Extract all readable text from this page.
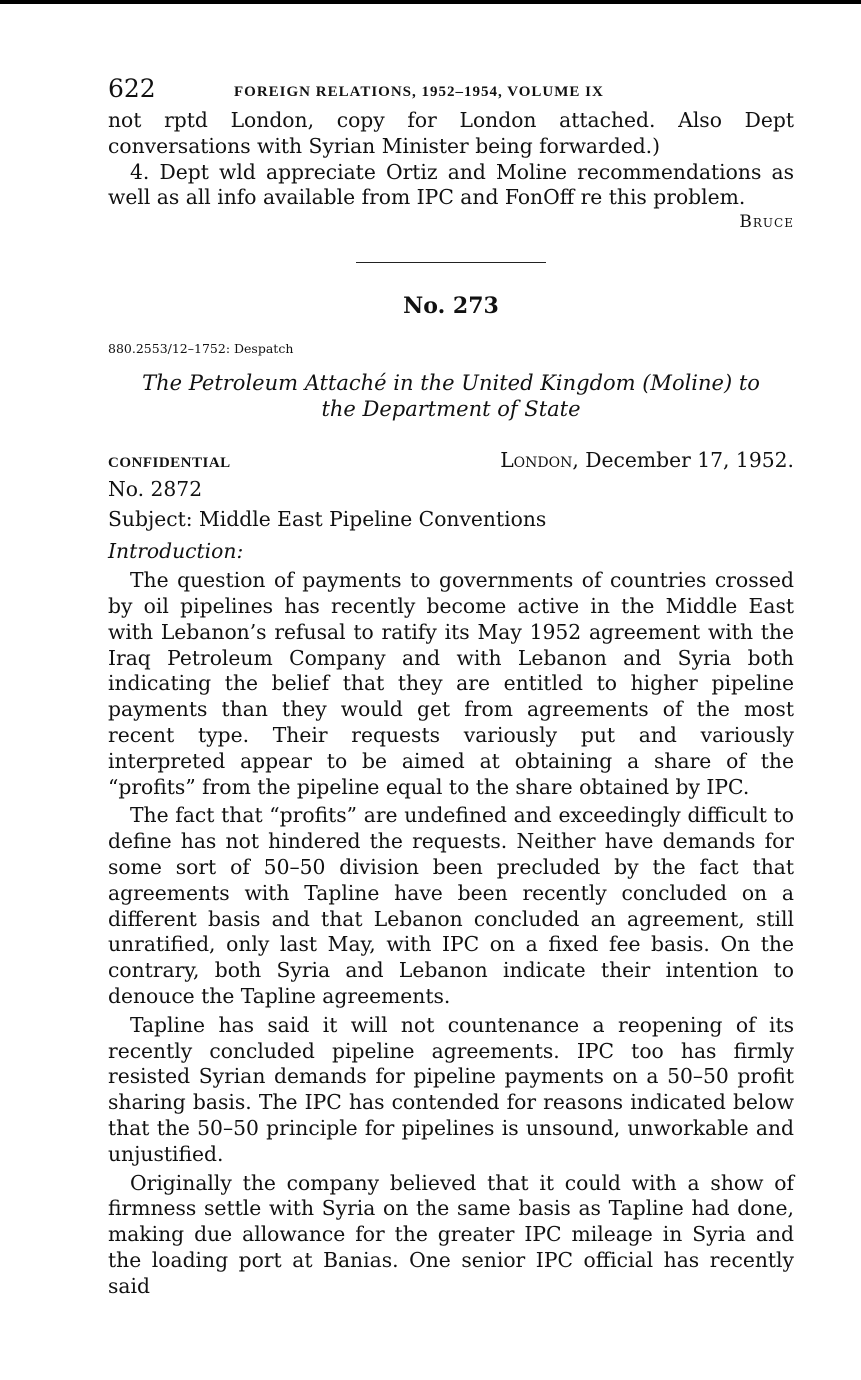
622	FOREIGN RELATIONS, 1952–1954, VOLUME IX

not rptd London, copy for London attached. Also Dept conversations with Syrian Minister being forwarded.)

4. Dept wld appreciate Ortiz and Moline recommendations as well as all info available from IPC and FonOff re this problem.

Bruce
No. 273
880.2553/12–1752: Despatch
The Petroleum Attaché in the United Kingdom (Moline) to the Department of State
CONFIDENTIAL	London, December 17, 1952.

No. 2872

Subject: Middle East Pipeline Conventions

Introduction:

The question of payments to governments of countries crossed by oil pipelines has recently become active in the Middle East with Lebanon’s refusal to ratify its May 1952 agreement with the Iraq Petroleum Company and with Lebanon and Syria both indicating the belief that they are entitled to higher pipeline payments than they would get from agreements of the most recent type. Their requests variously put and variously interpreted appear to be aimed at obtaining a share of the “profits” from the pipeline equal to the share obtained by IPC.

The fact that “profits” are undefined and exceedingly difficult to define has not hindered the requests. Neither have demands for some sort of 50–50 division been precluded by the fact that agreements with Tapline have been recently concluded on a different basis and that Lebanon concluded an agreement, still unratified, only last May, with IPC on a fixed fee basis. On the contrary, both Syria and Lebanon indicate their intention to denouce the Tapline agreements.

Tapline has said it will not countenance a reopening of its recently concluded pipeline agreements. IPC too has firmly resisted Syrian demands for pipeline payments on a 50–50 profit sharing basis. The IPC has contended for reasons indicated below that the 50–50 principle for pipelines is unsound, unworkable and unjustified.

Originally the company believed that it could with a show of firmness settle with Syria on the same basis as Tapline had done, making due allowance for the greater IPC mileage in Syria and the loading port at Banias. One senior IPC official has recently said
